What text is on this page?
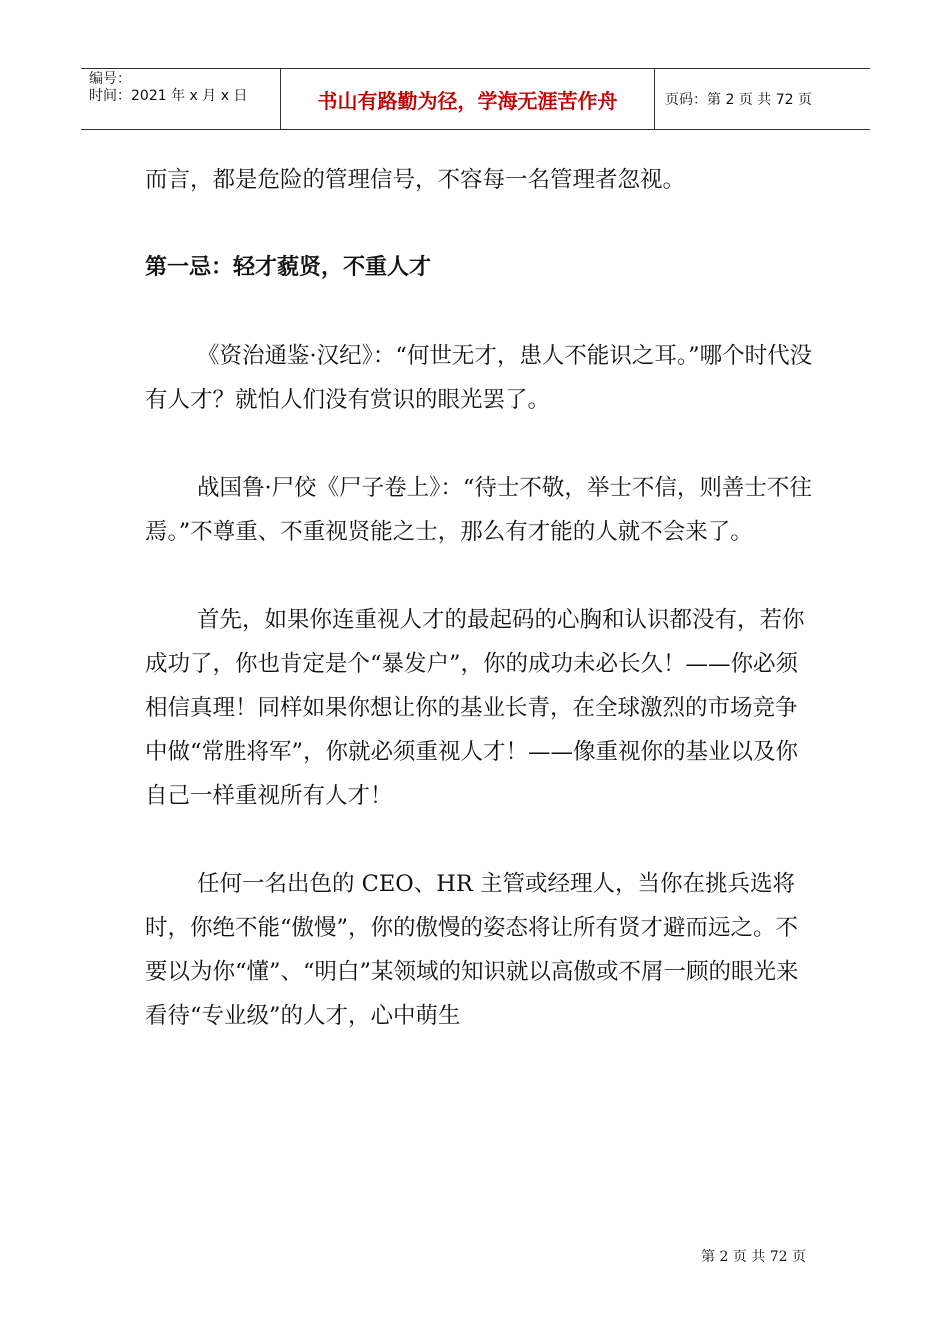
编号：
时间：2021 年 x 月 x 日	书山有路勤为径，学海无涯苦作舟	页码：第 2 页 共 72 页

而言，都是危险的管理信号，不容每一名管理者忽视。

第一忌：轻才藐贤，不重人才

《资治通鉴·汉纪》：“何世无才，患人不能识之耳。”哪个时代没有人才？就怕人们没有赏识的眼光罢了。

战国鲁·尸佼《尸子卷上》：“待士不敬，举士不信，则善士不往焉。”不尊重、不重视贤能之士，那么有才能的人就不会来了。

首先，如果你连重视人才的最起码的心胸和认识都没有，若你成功了，你也肯定是个“暴发户”，你的成功未必长久！——你必须相信真理！同样如果你想让你的基业长青，在全球激烈的市场竞争中做“常胜将军”，你就必须重视人才！——像重视你的基业以及你自己一样重视所有人才！

任何一名出色的 CEO、HR 主管或经理人，当你在挑兵选将时，你绝不能“傲慢”，你的傲慢的姿态将让所有贤才避而远之。不要以为你“懂”、“明白”某领域的知识就以高傲或不屑一顾的眼光来看待“专业级”的人才，心中萌生

第 2 页 共 72 页
